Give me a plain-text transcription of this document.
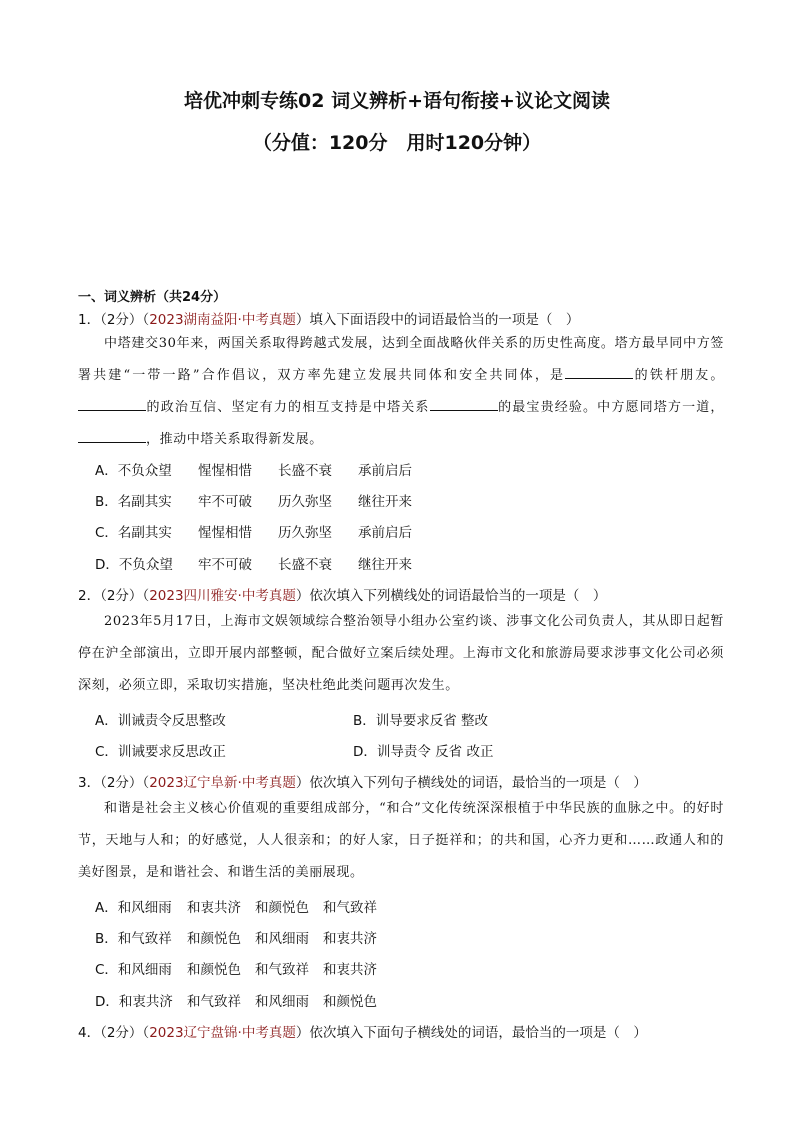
培优冲刺专练02 词义辨析+语句衔接+议论文阅读
（分值：120分　用时120分钟）
一、词义辨析（共24分）
1．（2分）（2023湖南益阳·中考真题）填入下面语段中的词语最恰当的一项是（　）
中塔建交30年来，两国关系取得跨越式发展，达到全面战略伙伴关系的历史性高度。塔方最早同中方签署共建“一带一路”合作倡议，双方率先建立发展共同体和安全共同体，是	的铁杆朋友。的政治互信、坚定有力的相互支持是中塔关系	的最宝贵经验。中方愿同塔方一道，，推动中塔关系取得新发展。
A．不负众望 惺惺相惜 长盛不衰 承前启后
B．名副其实 牢不可破 历久弥坚 继往开来
C．名副其实 惺惺相惜 历久弥坚 承前启后
D．不负众望 牢不可破 长盛不衰 继往开来
2．（2分）（2023四川雅安·中考真题）依次填入下列横线处的词语最恰当的一项是（　）
2023年5月17日，上海市文娱领域综合整治领导小组办公室约谈、涉事文化公司负责人，其从即日起暂停在沪全部演出，立即开展内部整顿，配合做好立案后续处理。上海市文化和旅游局要求涉事文化公司必须深刻，必须立即，采取切实措施，坚决杜绝此类问题再次发生。
A．训诫责令反思整改	B．训导要求反省 整改
C．训诫要求反思改正	D．训导责令 反省 改正
3．（2分）（2023辽宁阜新·中考真题）依次填入下列句子横线处的词语，最恰当的一项是（　）
和谐是社会主义核心价值观的重要组成部分，“和合”文化传统深深根植于中华民族的血脉之中。的好时节，天地与人和；的好感觉，人人很亲和；的好人家，日子挺祥和；的共和国，心齐力更和……政通人和的美好图景，是和谐社会、和谐生活的美丽展现。
A．和风细雨 和衷共济 和颜悦色 和气致祥
B．和气致祥 和颜悦色 和风细雨 和衷共济
C．和风细雨 和颜悦色 和气致祥 和衷共济
D．和衷共济 和气致祥 和风细雨 和颜悦色
4．（2分）（2023辽宁盘锦·中考真题）依次填入下面句子横线处的词语，最恰当的一项是（　）
